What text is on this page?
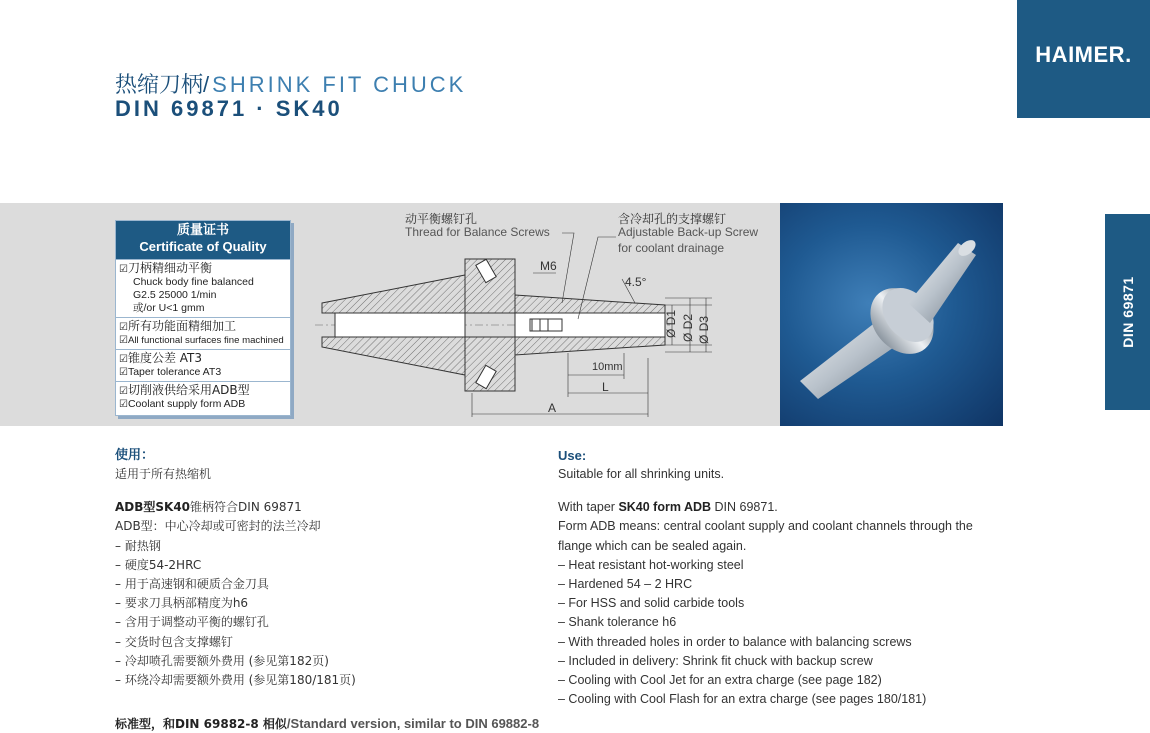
热缩刀柄/SHRINK FIT CHUCK
DIN 69871 · SK40
HAIMER.
DIN 69871
质量证书
Certificate of Quality
☑刀柄精细动平衡
Chuck body fine balanced
G2.5 25000 1/min
或/or U<1 gmm
☑所有功能面精细加工
☑All functional surfaces fine machined
☑锥度公差 AT3
☑Taper tolerance AT3
☑切削液供给采用ADB型
☑Coolant supply form ADB
动平衡螺钉孔
Thread for Balance Screws
含冷却孔的支撑螺钉
Adjustable Back-up Screw
for coolant drainage
M6
4.5°
Ø D1 Ø D2 Ø D3
10mm
L
A
使用：
适用于所有热缩机
ADB型SK40锥柄符合DIN 69871
ADB型：中心冷却或可密封的法兰冷却
– 耐热钢
– 硬度54-2HRC
– 用于高速钢和硬质合金刀具
– 要求刀具柄部精度为h6
– 含用于调整动平衡的螺钉孔
– 交货时包含支撑螺钉
– 冷却喷孔需要额外费用 (参见第182页)
– 环绕冷却需要额外费用 (参见第180/181页)
Use:
Suitable for all shrinking units.
With taper SK40 form ADB DIN 69871.
Form ADB means: central coolant supply and coolant channels through the
flange which can be sealed again.
– Heat resistant hot-working steel
– Hardened 54 – 2 HRC
– For HSS and solid carbide tools
– Shank tolerance h6
– With threaded holes in order to balance with balancing screws
– Included in delivery: Shrink fit chuck with backup screw
– Cooling with Cool Jet for an extra charge (see page 182)
– Cooling with Cool Flash for an extra charge (see pages 180/181)
标准型，和DIN 69882-8 相似/Standard version, similar to DIN 69882-8
